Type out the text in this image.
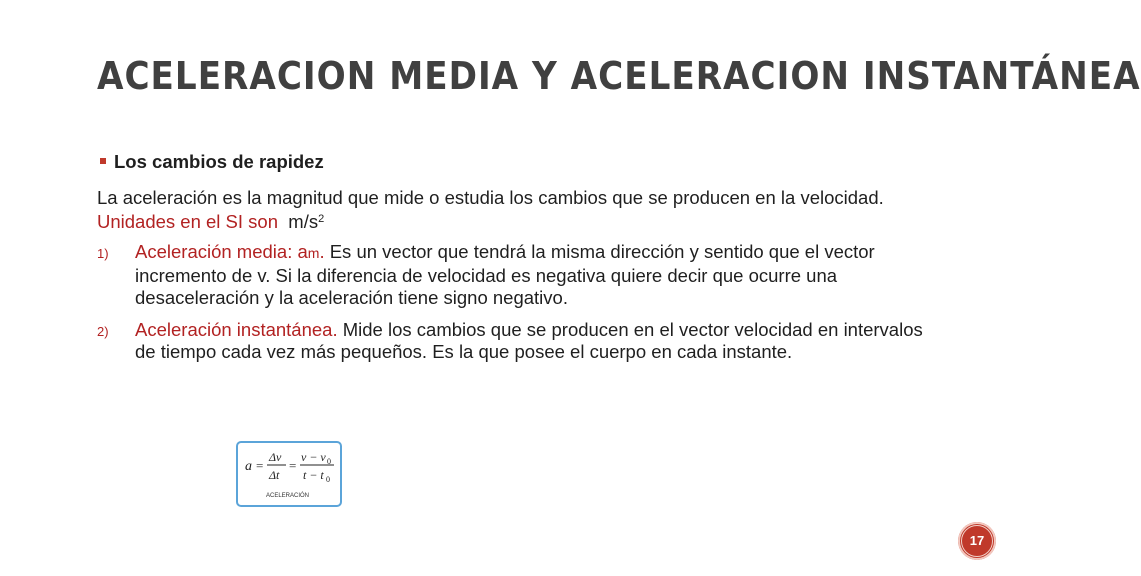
ACELERACION MEDIA Y ACELERACION INSTANTÁNEA
Los cambios de rapidez
La aceleración es la magnitud que mide o estudia los cambios que se producen en la velocidad. Unidades en el SI son $m/s^2$
1) Aceleración media: am. Es un vector que tendrá la misma dirección y sentido que el vector incremento de v. Si la diferencia de velocidad es negativa quiere decir que ocurre una desaceleración y la aceleración tiene signo negativo.
2) Aceleración instantánea. Mide los cambios que se producen en el vector velocidad en intervalos de tiempo cada vez más pequeños. Es la que posee el cuerpo en cada instante.
a =
Δv
Δt
=
v − v 0
t − t 0
ACELERACIÓN
17
